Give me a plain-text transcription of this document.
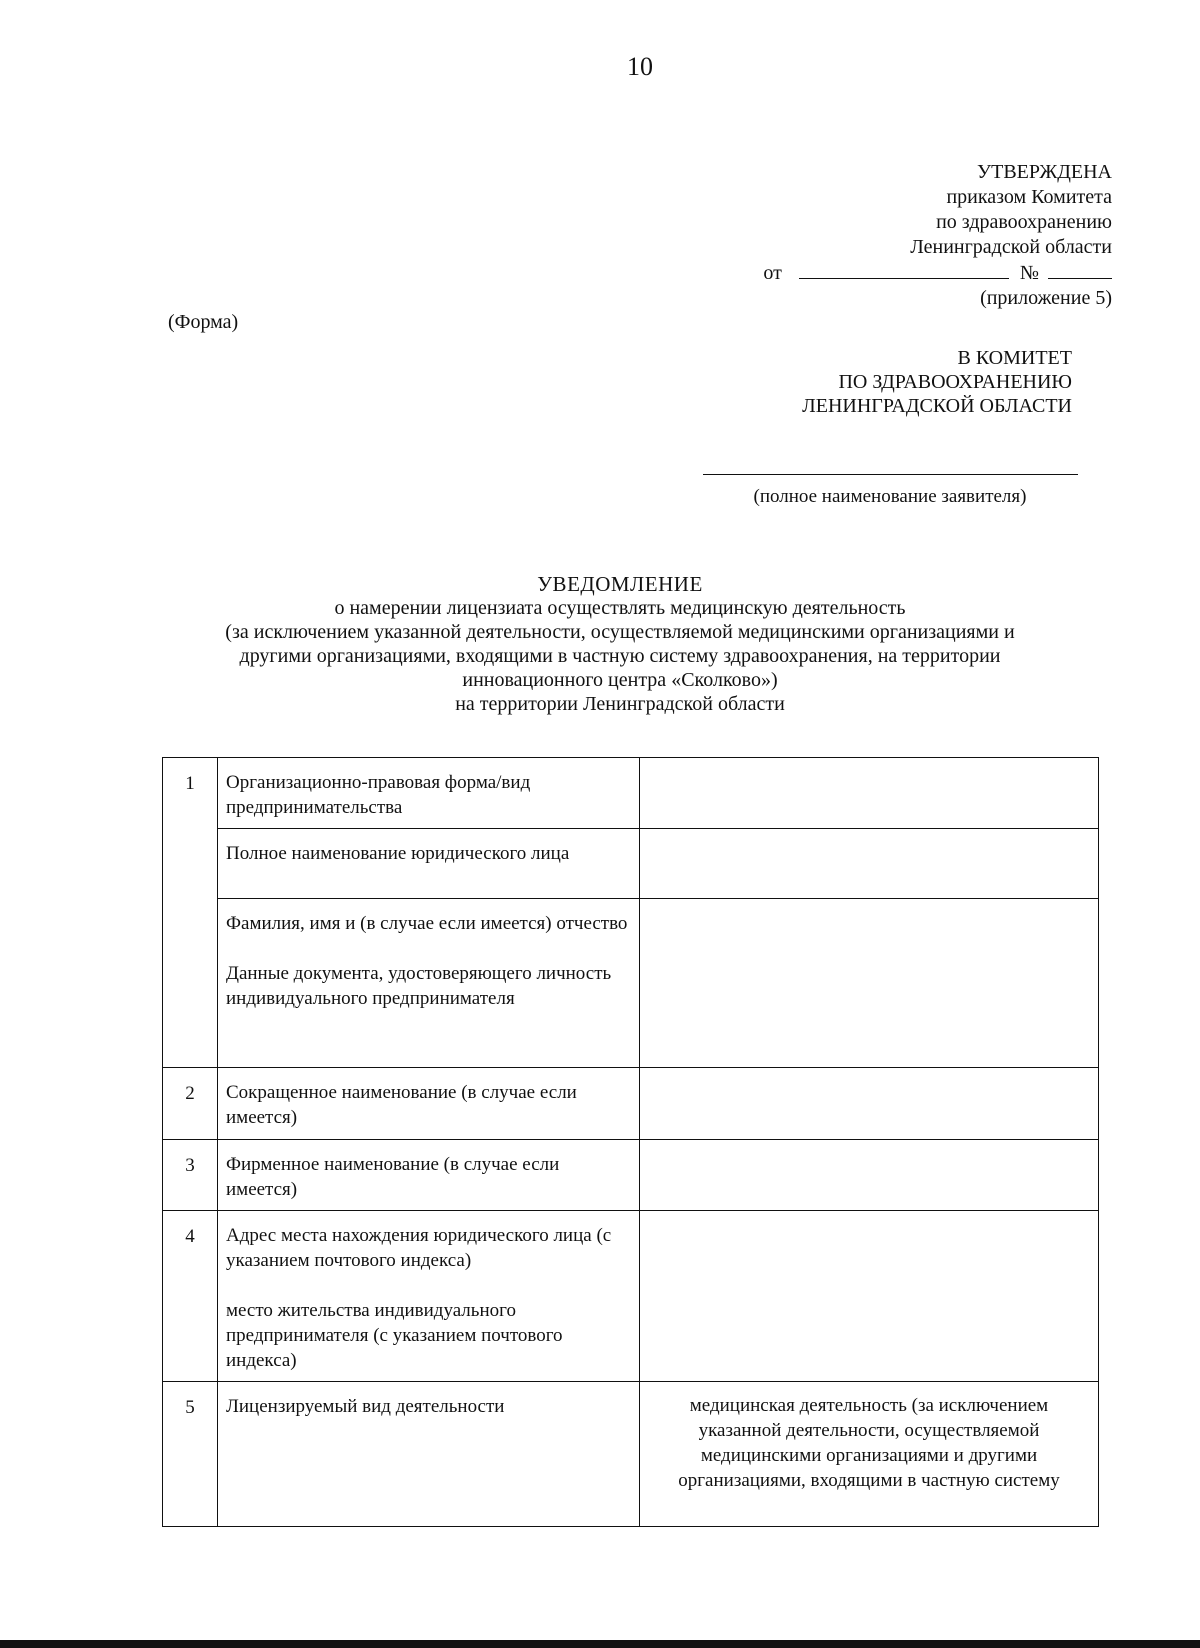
10
УТВЕРЖДЕНА
приказом Комитета
по здравоохранению
Ленинградской области
от	№
(приложение 5)
(Форма)
В КОМИТЕТ
ПО ЗДРАВООХРАНЕНИЮ
ЛЕНИНГРАДСКОЙ ОБЛАСТИ
(полное наименование заявителя)
УВЕДОМЛЕНИЕ
о намерении лицензиата осуществлять медицинскую деятельность
(за исключением указанной деятельности, осуществляемой медицинскими организациями и
другими организациями, входящими в частную систему здравоохранения, на территории
инновационного центра «Сколково»)
на территории Ленинградской области
1	Организационно-правовая форма/вид предпринимательства	

	Полное наименование юридического лица	

	Фамилия, имя и (в случае если имеется) отчество

Данные документа, удостоверяющего личность индивидуального предпринимателя	

2	Сокращенное наименование (в случае если имеется)	

3	Фирменное наименование (в случае если имеется)	

4	Адрес места нахождения юридического лица (с указанием почтового индекса)

место жительства индивидуального предпринимателя (с указанием почтового индекса)	

5	Лицензируемый вид деятельности	медицинская деятельность (за исключением указанной деятельности, осуществляемой медицинскими организациями и другими организациями, входящими в частную систему
